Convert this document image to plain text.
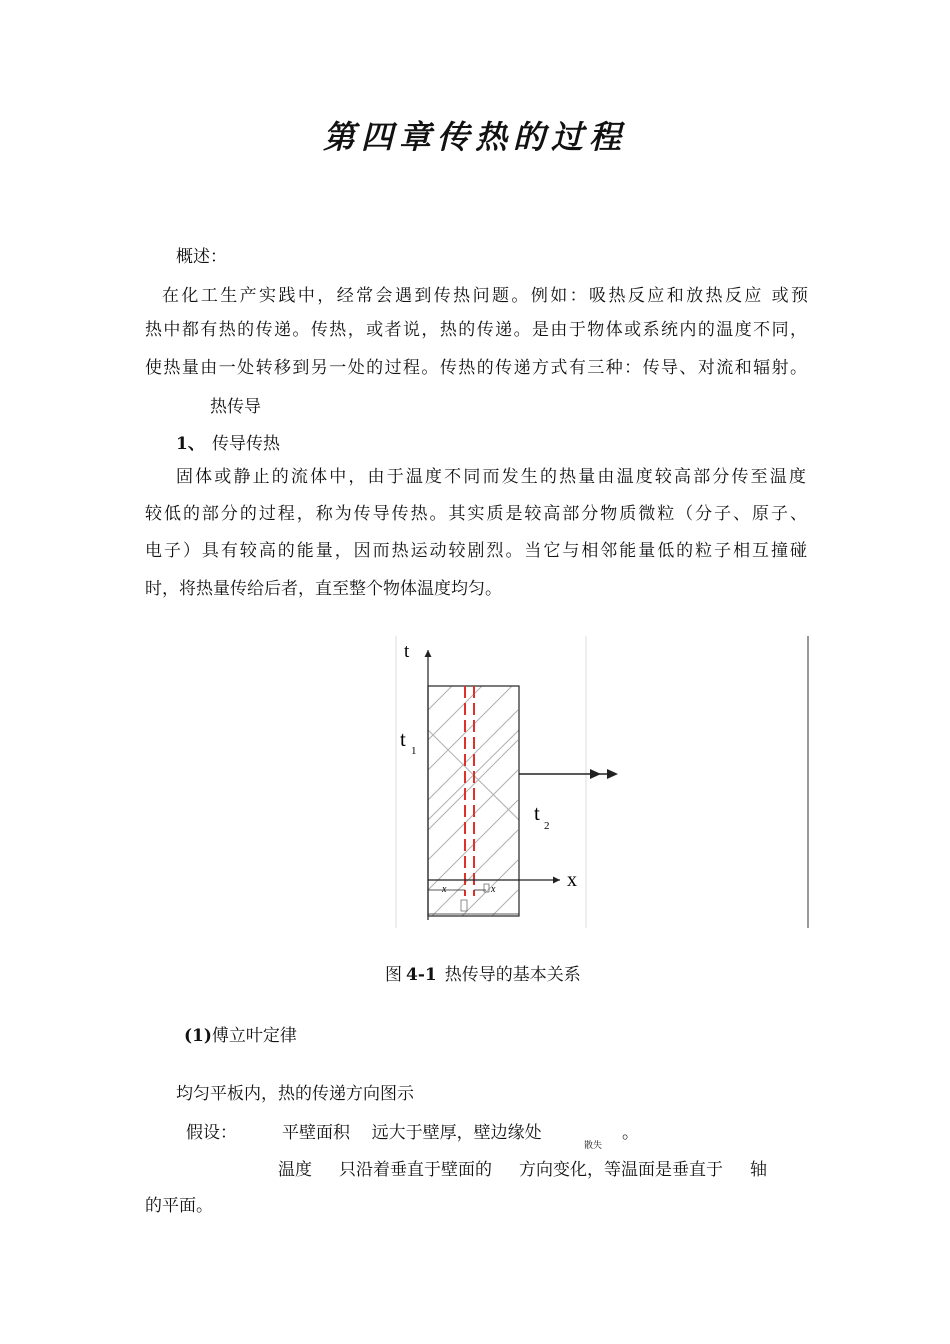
第四章传热的过程
概述：
在化工生产实践中，经常会遇到传热问题。例如：吸热反应和放热反应 或预
热中都有热的传递。传热，或者说，热的传递。是由于物体或系统内的温度不同，
使热量由一处转移到另一处的过程。传热的传递方式有三种：传导、对流和辐射。
热传导
1、 传导传热
固体或静止的流体中，由于温度不同而发生的热量由温度较高部分传至温度
较低的部分的过程，称为传导传热。其实质是较高部分物质微粒（分子、原子、
电子）具有较高的能量，因而热运动较剧烈。当它与相邻能量低的粒子相互撞碰
时，将热量传给后者，直至整个物体温度均匀。
t
x
t 1
t
2
x	x
图 4-1 热传导的基本关系
(1)傅立叶定律
均匀平板内，热的传递方向图示
假设：	平壁面积    远大于壁厚，壁边缘处
散失
。
温度     只沿着垂直于壁面的     方向变化，等温面是垂直于     轴
的平面。
